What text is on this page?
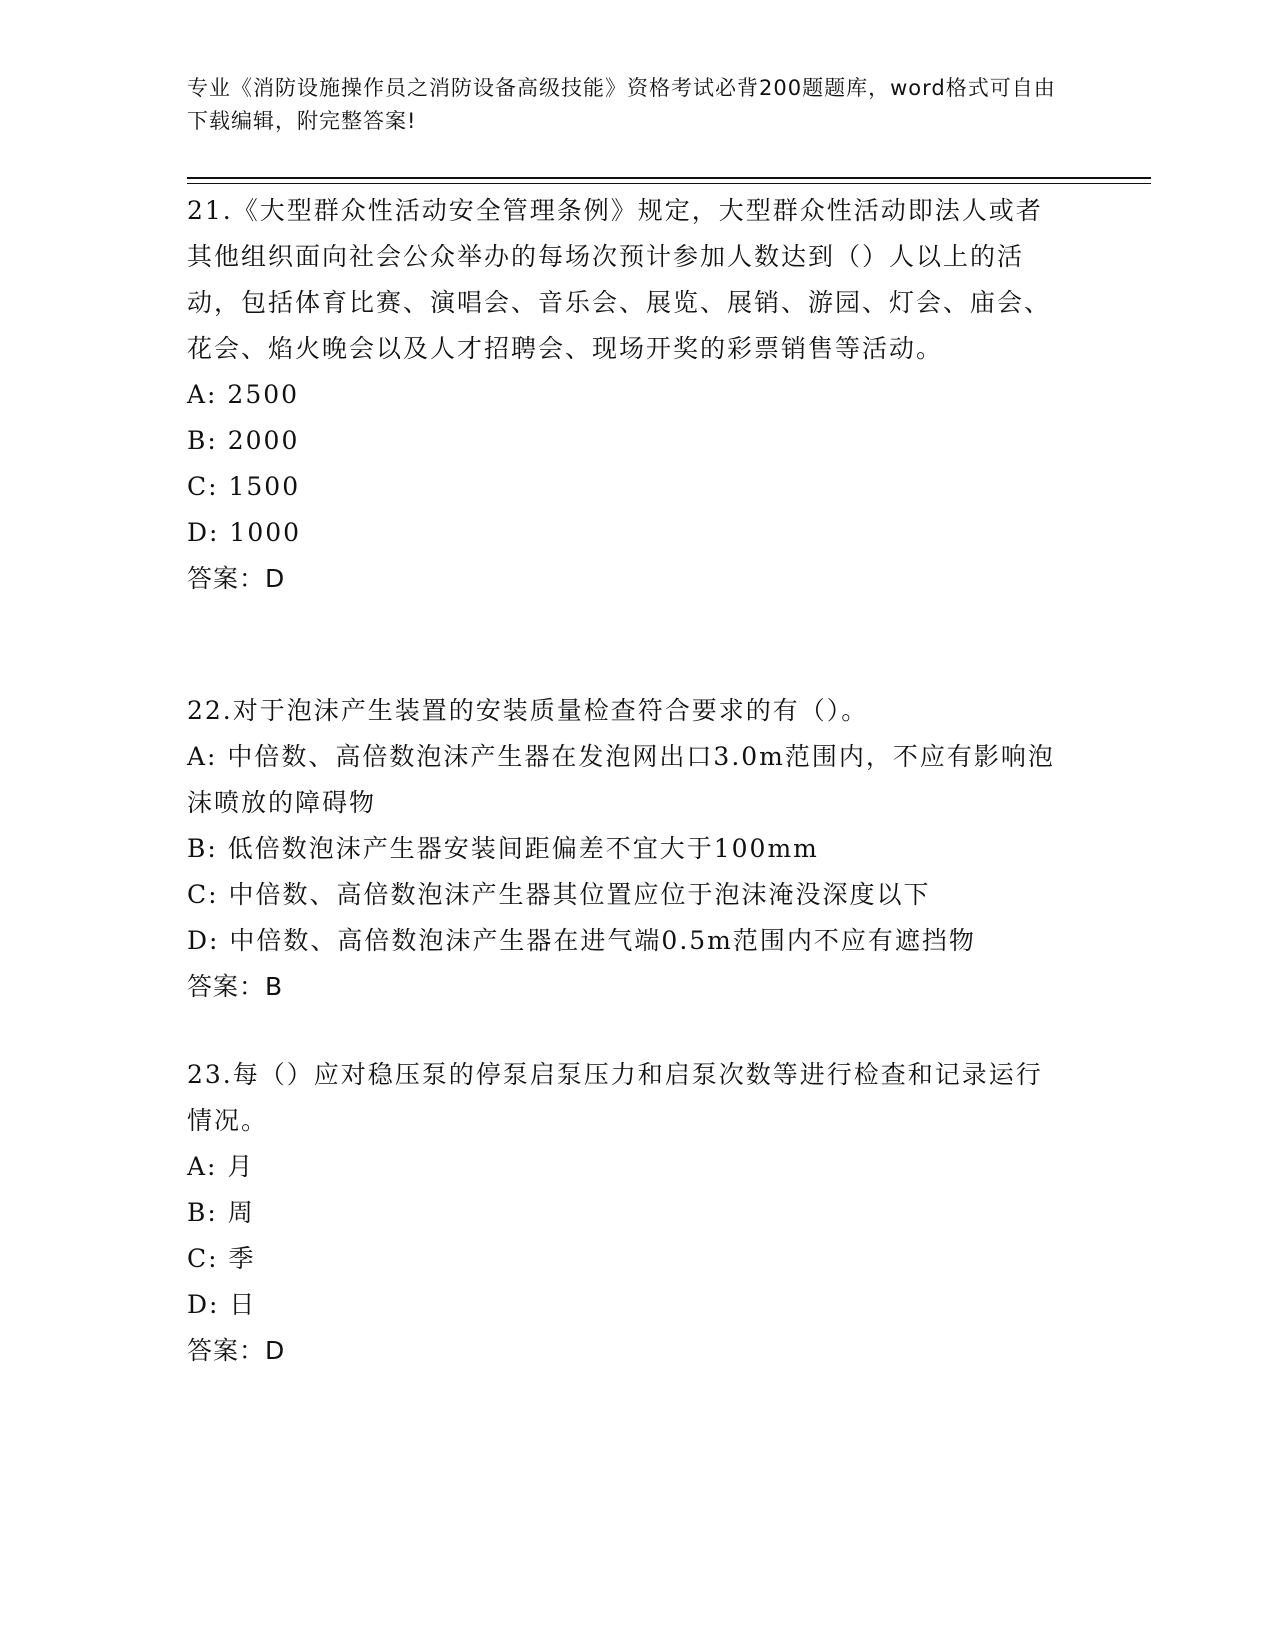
专业《消防设施操作员之消防设备高级技能》资格考试必背200题题库，word格式可自由下载编辑，附完整答案!
21.《大型群众性活动安全管理条例》规定，大型群众性活动即法人或者其他组织面向社会公众举办的每场次预计参加人数达到（）人以上的活动，包括体育比赛、演唱会、音乐会、展览、展销、游园、灯会、庙会、花会、焰火晚会以及人才招聘会、现场开奖的彩票销售等活动。
A: 2500
B: 2000
C: 1500
D: 1000
答案：D
22.对于泡沫产生装置的安装质量检查符合要求的有（）。
A: 中倍数、高倍数泡沫产生器在发泡网出口3.0m范围内，不应有影响泡沫喷放的障碍物
B: 低倍数泡沫产生器安装间距偏差不宜大于100mm
C: 中倍数、高倍数泡沫产生器其位置应位于泡沫淹没深度以下
D: 中倍数、高倍数泡沫产生器在进气端0.5m范围内不应有遮挡物
答案：B
23.每（）应对稳压泵的停泵启泵压力和启泵次数等进行检查和记录运行情况。
A: 月
B: 周
C: 季
D: 日
答案：D
